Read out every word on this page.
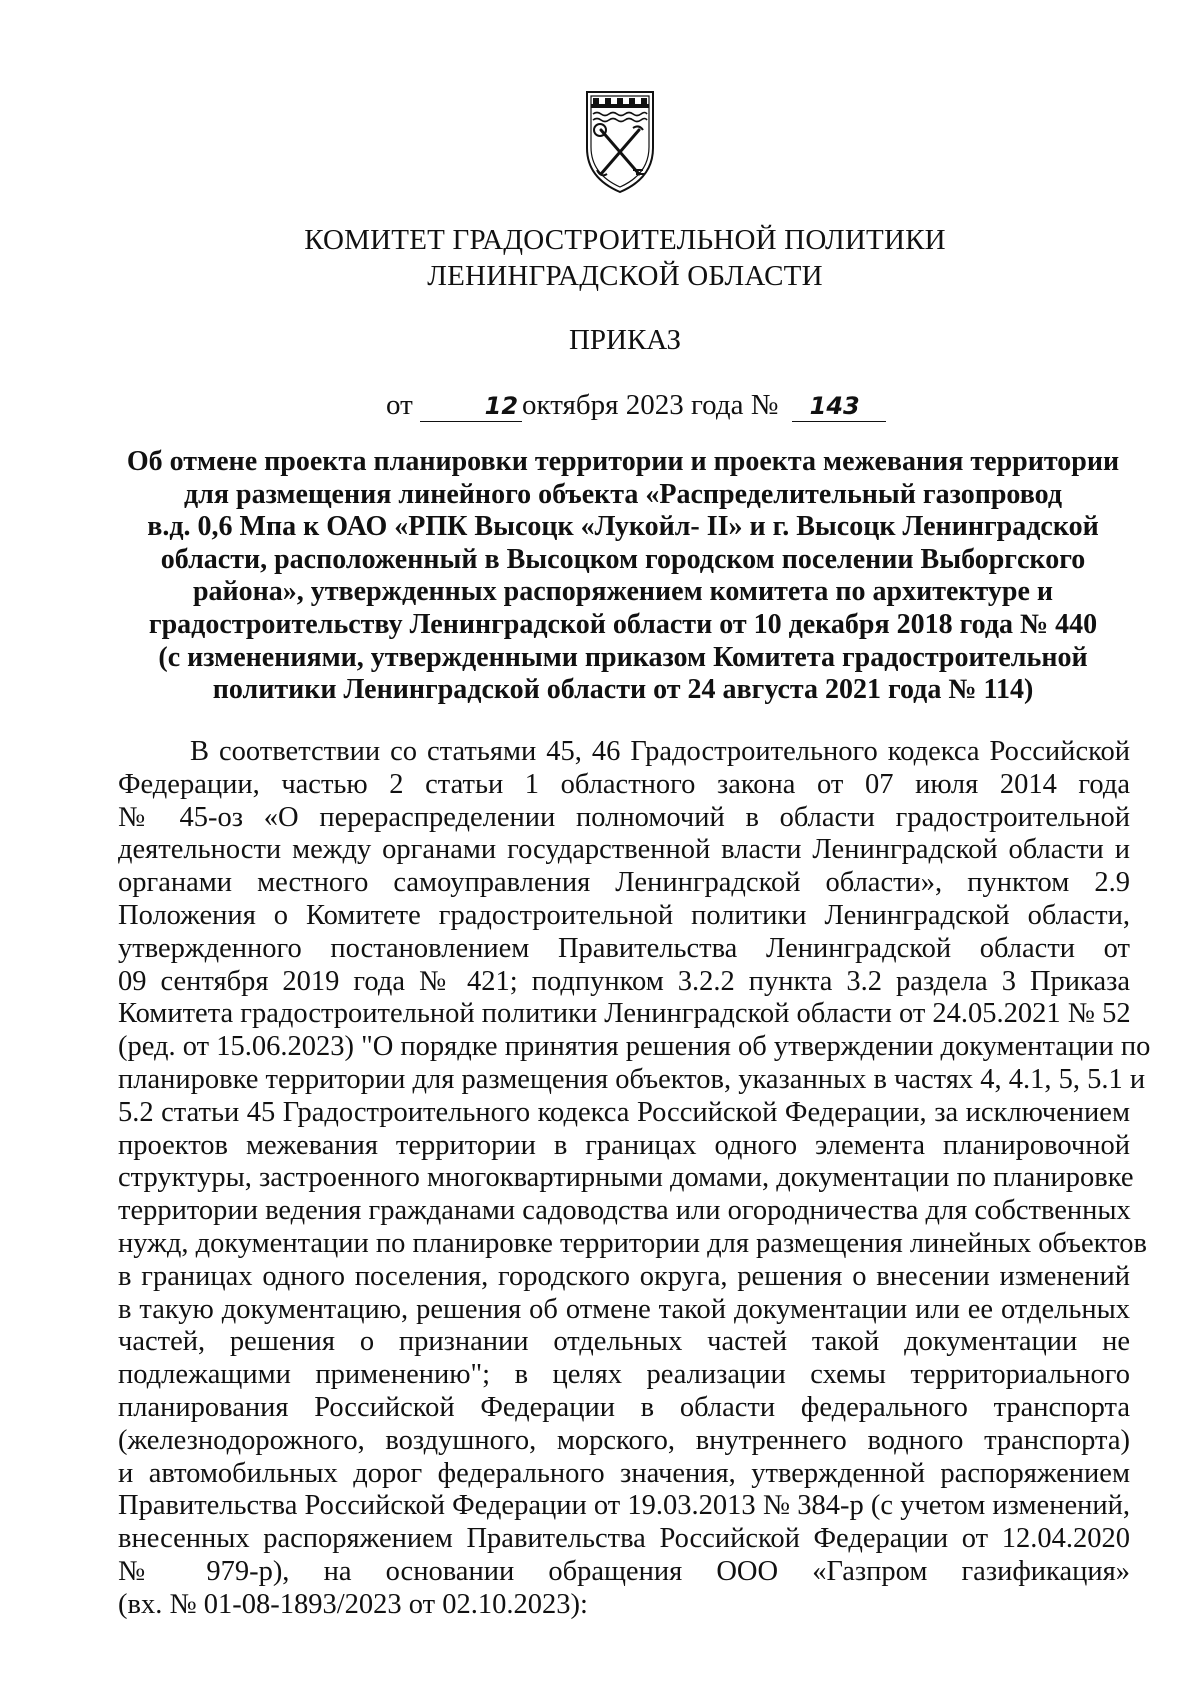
КОМИТЕТ ГРАДОСТРОИТЕЛЬНОЙ ПОЛИТИКИ
ЛЕНИНГРАДСКОЙ ОБЛАСТИ
ПРИКАЗ
от	12 октября 2023 года № 143
Об отмене проекта планировки территории и проекта межевания территории
для размещения линейного объекта «Распределительный газопровод
в.д. 0,6 Мпа к ОАО «РПК Высоцк «Лукойл- II» и г. Высоцк Ленинградской
области, расположенный в Высоцком городском поселении Выборгского
района», утвержденных распоряжением комитета по архитектуре и
градостроительству Ленинградской области от 10 декабря 2018 года № 440
(с изменениями, утвержденными приказом Комитета градостроительной
политики Ленинградской области от 24 августа 2021 года № 114)
В соответствии со статьями 45, 46 Градостроительного кодекса Российской
Федерации, частью 2 статьи 1 областного закона от 07 июля 2014 года
№ 45-оз «О перераспределении полномочий в области градостроительной
деятельности между органами государственной власти Ленинградской области и
органами местного самоуправления Ленинградской области», пунктом 2.9
Положения о Комитете градостроительной политики Ленинградской области,
утвержденного постановлением Правительства Ленинградской области от
09 сентября 2019 года № 421; подпунком 3.2.2 пункта 3.2 раздела 3 Приказа
Комитета градостроительной политики Ленинградской области от 24.05.2021 № 52
(ред. от 15.06.2023) "О порядке принятия решения об утверждении документации по
планировке территории для размещения объектов, указанных в частях 4, 4.1, 5, 5.1 и
5.2 статьи 45 Градостроительного кодекса Российской Федерации, за исключением
проектов межевания территории в границах одного элемента планировочной
структуры, застроенного многоквартирными домами, документации по планировке
территории ведения гражданами садоводства или огородничества для собственных
нужд, документации по планировке территории для размещения линейных объектов
в границах одного поселения, городского округа, решения о внесении изменений
в такую документацию, решения об отмене такой документации или ее отдельных
частей, решения о признании отдельных частей такой документации не
подлежащими применению"; в целях реализации схемы территориального
планирования Российской Федерации в области федерального транспорта
(железнодорожного, воздушного, морского, внутреннего водного транспорта)
и автомобильных дорог федерального значения, утвержденной распоряжением
Правительства Российской Федерации от 19.03.2013 № 384-р (с учетом изменений,
внесенных распоряжением Правительства Российской Федерации от 12.04.2020
№ 979-р), на основании обращения ООО «Газпром газификация»
(вх. № 01-08-1893/2023 от 02.10.2023):
